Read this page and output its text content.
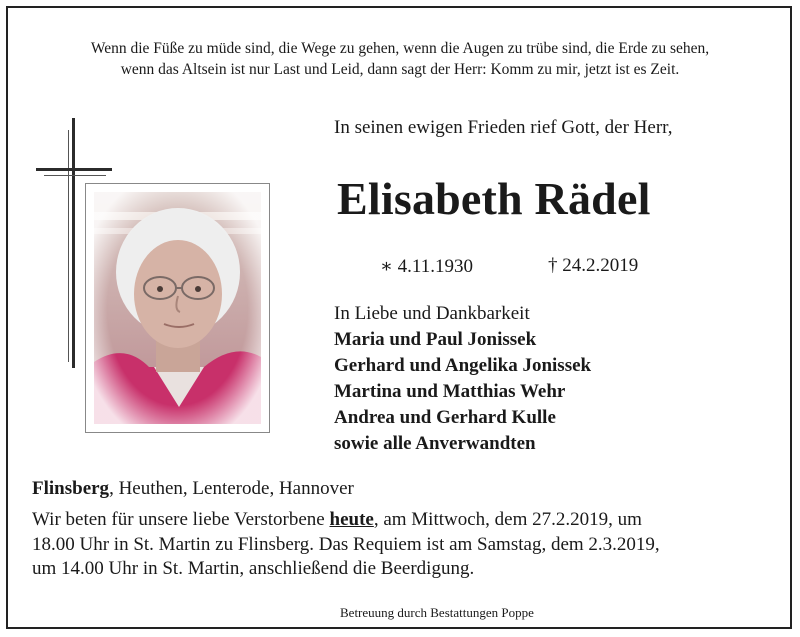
Wenn die Füße zu müde sind, die Wege zu gehen, wenn die Augen zu trübe sind, die Erde zu sehen,
wenn das Altsein ist nur Last und Leid, dann sagt der Herr: Komm zu mir, jetzt ist es Zeit.
In seinen ewigen Frieden rief Gott, der Herr,
Elisabeth Rädel
∗ 4.11.1930	† 24.2.2019
In Liebe und Dankbarkeit
Maria und Paul Jonissek
Gerhard und Angelika Jonissek
Martina und Matthias Wehr
Andrea und Gerhard Kulle
sowie alle Anverwandten
Flinsberg, Heuthen, Lenterode, Hannover
Wir beten für unsere liebe Verstorbene heute, am Mittwoch, dem 27.2.2019, um
18.00 Uhr in St. Martin zu Flinsberg. Das Requiem ist am Samstag, dem 2.3.2019,
um 14.00 Uhr in St. Martin, anschließend die Beerdigung.
Betreuung durch Bestattungen Poppe
